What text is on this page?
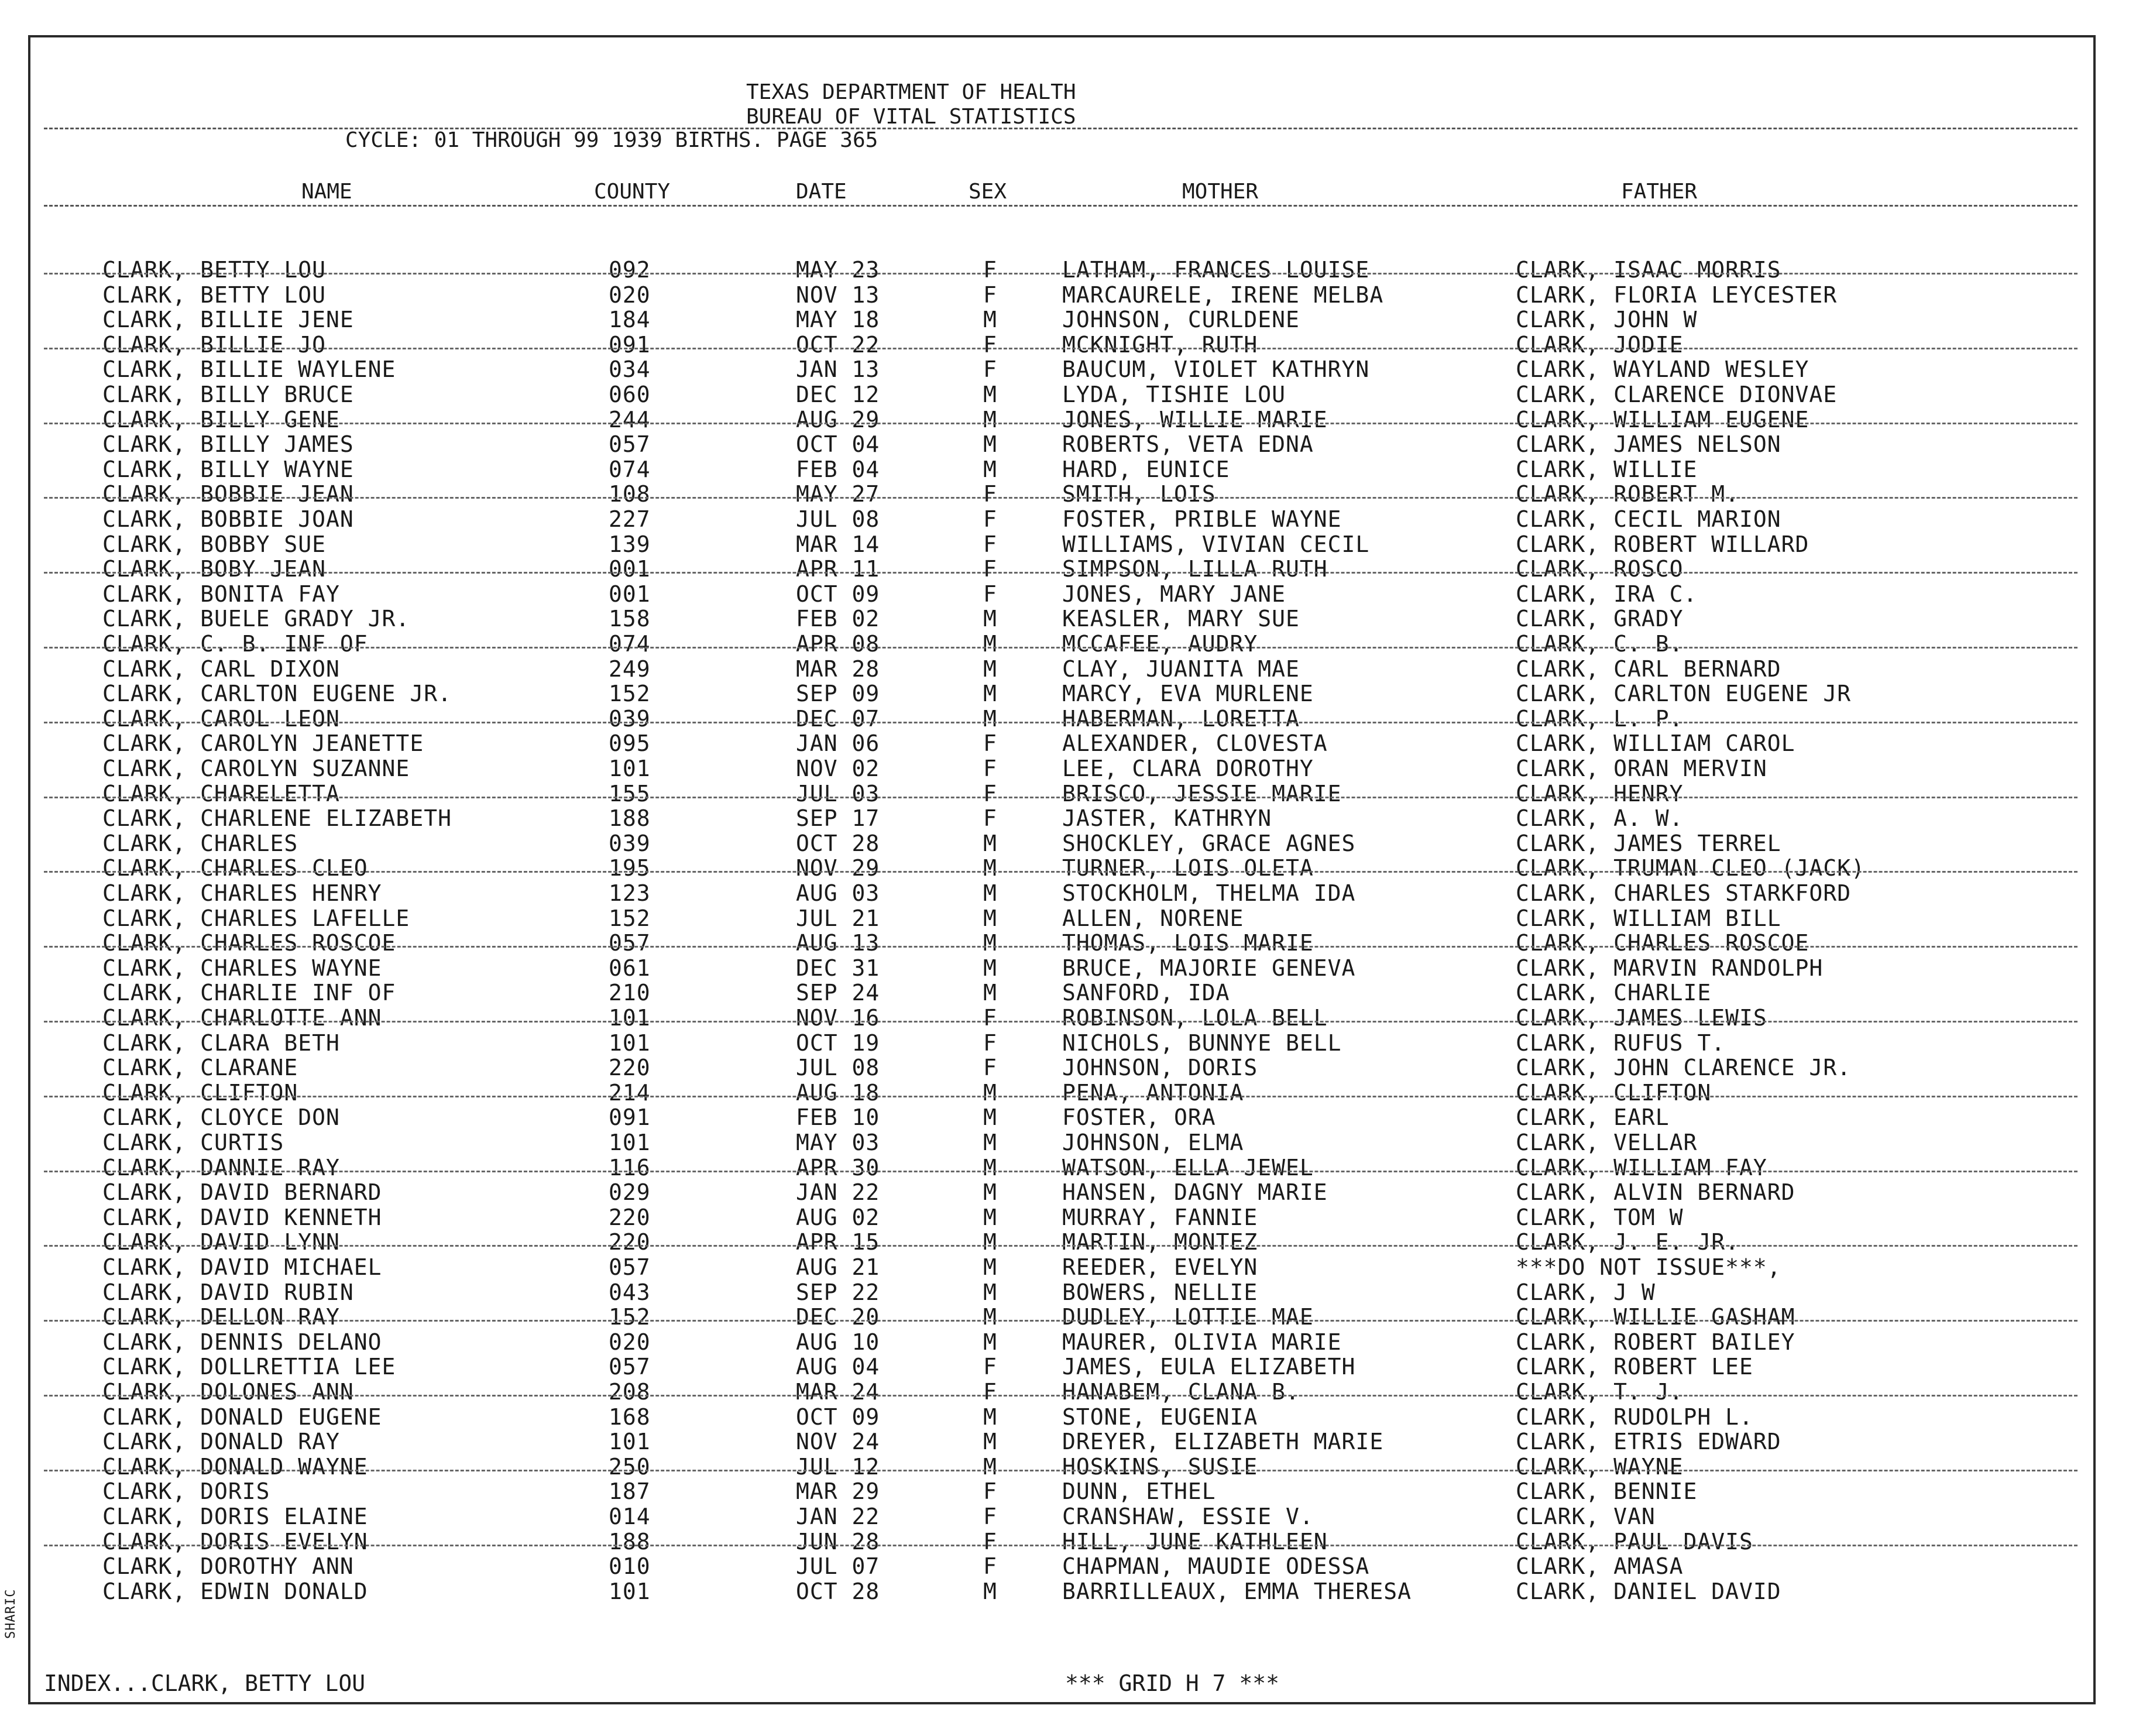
TEXAS DEPARTMENT OF HEALTH
BUREAU OF VITAL STATISTICS
CYCLE: 01 THROUGH 99 1939 BIRTHS. PAGE 365
NAME	COUNTY	DATE	SEX	MOTHER	FATHER
CLARK, BETTY LOU	092	MAY 23	F	LATHAM, FRANCES LOUISE	CLARK, ISAAC MORRIS
CLARK, BETTY LOU	020	NOV 13	F	MARCAURELE, IRENE MELBA	CLARK, FLORIA LEYCESTER
CLARK, BILLIE JENE	184	MAY 18	M	JOHNSON, CURLDENE	CLARK, JOHN W
CLARK, BILLIE JO	091	OCT 22	F	MCKNIGHT, RUTH	CLARK, JODIE
CLARK, BILLIE WAYLENE	034	JAN 13	F	BAUCUM, VIOLET KATHRYN	CLARK, WAYLAND WESLEY
CLARK, BILLY BRUCE	060	DEC 12	M	LYDA, TISHIE LOU	CLARK, CLARENCE DIONVAE
CLARK, BILLY GENE	244	AUG 29	M	JONES, WILLIE MARIE	CLARK, WILLIAM EUGENE
CLARK, BILLY JAMES	057	OCT 04	M	ROBERTS, VETA EDNA	CLARK, JAMES NELSON
CLARK, BILLY WAYNE	074	FEB 04	M	HARD, EUNICE	CLARK, WILLIE
CLARK, BOBBIE JEAN	108	MAY 27	F	SMITH, LOIS	CLARK, ROBERT M.
CLARK, BOBBIE JOAN	227	JUL 08	F	FOSTER, PRIBLE WAYNE	CLARK, CECIL MARION
CLARK, BOBBY SUE	139	MAR 14	F	WILLIAMS, VIVIAN CECIL	CLARK, ROBERT WILLARD
CLARK, BOBY JEAN	001	APR 11	F	SIMPSON, LILLA RUTH	CLARK, ROSCO
CLARK, BONITA FAY	001	OCT 09	F	JONES, MARY JANE	CLARK, IRA C.
CLARK, BUELE GRADY JR.	158	FEB 02	M	KEASLER, MARY SUE	CLARK, GRADY
CLARK, C. B. INF OF	074	APR 08	M	MCCAFEE, AUDRY	CLARK, C. B.
CLARK, CARL DIXON	249	MAR 28	M	CLAY, JUANITA MAE	CLARK, CARL BERNARD
CLARK, CARLTON EUGENE JR.	152	SEP 09	M	MARCY, EVA MURLENE	CLARK, CARLTON EUGENE JR
CLARK, CAROL LEON	039	DEC 07	M	HABERMAN, LORETTA	CLARK, L. P.
CLARK, CAROLYN JEANETTE	095	JAN 06	F	ALEXANDER, CLOVESTA	CLARK, WILLIAM CAROL
CLARK, CAROLYN SUZANNE	101	NOV 02	F	LEE, CLARA DOROTHY	CLARK, ORAN MERVIN
CLARK, CHARELETTA	155	JUL 03	F	BRISCO, JESSIE MARIE	CLARK, HENRY
CLARK, CHARLENE ELIZABETH	188	SEP 17	F	JASTER, KATHRYN	CLARK, A. W.
CLARK, CHARLES	039	OCT 28	M	SHOCKLEY, GRACE AGNES	CLARK, JAMES TERREL
CLARK, CHARLES CLEO	195	NOV 29	M	TURNER, LOIS OLETA	CLARK, TRUMAN CLEO (JACK)
CLARK, CHARLES HENRY	123	AUG 03	M	STOCKHOLM, THELMA IDA	CLARK, CHARLES STARKFORD
CLARK, CHARLES LAFELLE	152	JUL 21	M	ALLEN, NORENE	CLARK, WILLIAM BILL
CLARK, CHARLES ROSCOE	057	AUG 13	M	THOMAS, LOIS MARIE	CLARK, CHARLES ROSCOE
CLARK, CHARLES WAYNE	061	DEC 31	M	BRUCE, MAJORIE GENEVA	CLARK, MARVIN RANDOLPH
CLARK, CHARLIE INF OF	210	SEP 24	M	SANFORD, IDA	CLARK, CHARLIE
CLARK, CHARLOTTE ANN	101	NOV 16	F	ROBINSON, LOLA BELL	CLARK, JAMES LEWIS
CLARK, CLARA BETH	101	OCT 19	F	NICHOLS, BUNNYE BELL	CLARK, RUFUS T.
CLARK, CLARANE	220	JUL 08	F	JOHNSON, DORIS	CLARK, JOHN CLARENCE JR.
CLARK, CLIFTON	214	AUG 18	M	PENA, ANTONIA	CLARK, CLIFTON
CLARK, CLOYCE DON	091	FEB 10	M	FOSTER, ORA	CLARK, EARL
CLARK, CURTIS	101	MAY 03	M	JOHNSON, ELMA	CLARK, VELLAR
CLARK, DANNIE RAY	116	APR 30	M	WATSON, ELLA JEWEL	CLARK, WILLIAM FAY
CLARK, DAVID BERNARD	029	JAN 22	M	HANSEN, DAGNY MARIE	CLARK, ALVIN BERNARD
CLARK, DAVID KENNETH	220	AUG 02	M	MURRAY, FANNIE	CLARK, TOM W
CLARK, DAVID LYNN	220	APR 15	M	MARTIN, MONTEZ	CLARK, J. E. JR.
CLARK, DAVID MICHAEL	057	AUG 21	M	REEDER, EVELYN	***DO NOT ISSUE***,
CLARK, DAVID RUBIN	043	SEP 22	M	BOWERS, NELLIE	CLARK, J W
CLARK, DELLON RAY	152	DEC 20	M	DUDLEY, LOTTIE MAE	CLARK, WILLIE GASHAM
CLARK, DENNIS DELANO	020	AUG 10	M	MAURER, OLIVIA MARIE	CLARK, ROBERT BAILEY
CLARK, DOLLRETTIA LEE	057	AUG 04	F	JAMES, EULA ELIZABETH	CLARK, ROBERT LEE
CLARK, DOLONES ANN	208	MAR 24	F	HANABEM, CLANA B.	CLARK, T. J.
CLARK, DONALD EUGENE	168	OCT 09	M	STONE, EUGENIA	CLARK, RUDOLPH L.
CLARK, DONALD RAY	101	NOV 24	M	DREYER, ELIZABETH MARIE	CLARK, ETRIS EDWARD
CLARK, DONALD WAYNE	250	JUL 12	M	HOSKINS, SUSIE	CLARK, WAYNE
CLARK, DORIS	187	MAR 29	F	DUNN, ETHEL	CLARK, BENNIE
CLARK, DORIS ELAINE	014	JAN 22	F	CRANSHAW, ESSIE V.	CLARK, VAN
CLARK, DORIS EVELYN	188	JUN 28	F	HILL, JUNE KATHLEEN	CLARK, PAUL DAVIS
CLARK, DOROTHY ANN	010	JUL 07	F	CHAPMAN, MAUDIE ODESSA	CLARK, AMASA
CLARK, EDWIN DONALD	101	OCT 28	M	BARRILLEAUX, EMMA THERESA	CLARK, DANIEL DAVID
INDEX...CLARK, BETTY LOU	*** GRID H 7 ***
SHARIC
